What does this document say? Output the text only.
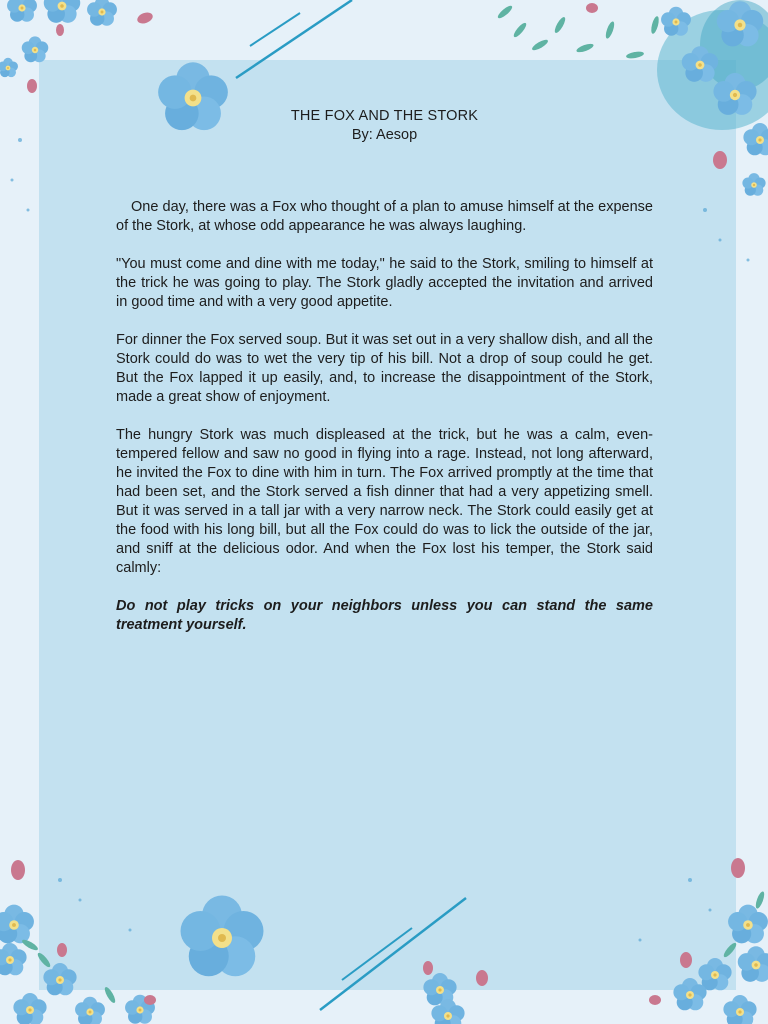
THE FOX AND THE STORK
By: Aesop

One day, there was a Fox who thought of a plan to amuse himself at the expense of the Stork, at whose odd appearance he was always laughing.

"You must come and dine with me today," he said to the Stork, smiling to himself at the trick he was going to play. The Stork gladly accepted the invitation and arrived in good time and with a very good appetite.

For dinner the Fox served soup. But it was set out in a very shallow dish, and all the Stork could do was to wet the very tip of his bill. Not a drop of soup could he get. But the Fox lapped it up easily, and, to increase the disappointment of the Stork, made a great show of enjoyment.

The hungry Stork was much displeased at the trick, but he was a calm, even-tempered fellow and saw no good in flying into a rage. Instead, not long afterward, he invited the Fox to dine with him in turn. The Fox arrived promptly at the time that had been set, and the Stork served a fish dinner that had a very appetizing smell. But it was served in a tall jar with a very narrow neck. The Stork could easily get at the food with his long bill, but all the Fox could do was to lick the outside of the jar, and sniff at the delicious odor. And when the Fox lost his temper, the Stork said calmly:

Do not play tricks on your neighbors unless you can stand the same treatment yourself.
